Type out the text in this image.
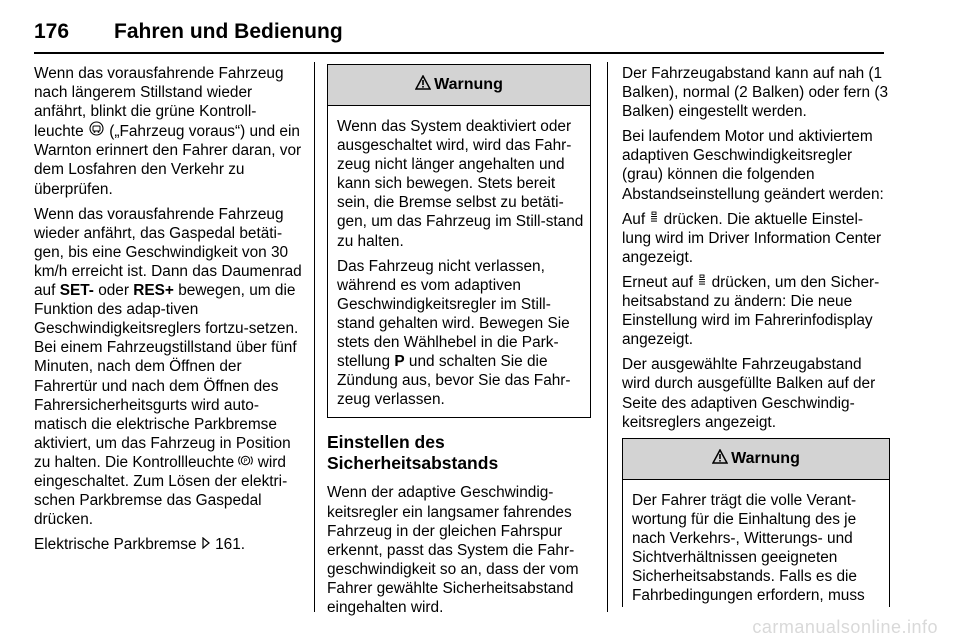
176 Fahren und Bedienung

Wenn das vorausfahrende Fahrzeug nach längerem Stillstand wieder anfährt, blinkt die grüne Kontroll-leuchte („Fahrzeug voraus“) und ein Warnton erinnert den Fahrer daran, vor dem Losfahren den Verkehr zu überprüfen.

Wenn das vorausfahrende Fahrzeug wieder anfährt, das Gaspedal betäti-gen, bis eine Geschwindigkeit von 30 km/h erreicht ist. Dann das Daumenrad auf SET- oder RES+ bewegen, um die Funktion des adap-tiven Geschwindigkeitsreglers fortzu-setzen. Bei einem Fahrzeugstillstand über fünf Minuten, nach dem Öffnen der Fahrertür und nach dem Öffnen des Fahrersicherheitsgurts wird auto-matisch die elektrische Parkbremse aktiviert, um das Fahrzeug in Position zu halten. Die Kontrollleuchte P wird eingeschaltet. Zum Lösen der elektri-schen Parkbremse das Gaspedal drücken.

Elektrische Parkbremse 161.

Warnung

Wenn das System deaktiviert oder ausgeschaltet wird, wird das Fahr-zeug nicht länger angehalten und kann sich bewegen. Stets bereit sein, die Bremse selbst zu betäti-gen, um das Fahrzeug im Still-stand zu halten.

Das Fahrzeug nicht verlassen, während es vom adaptiven Geschwindigkeitsregler im Still-stand gehalten wird. Bewegen Sie stets den Wählhebel in die Park-stellung P und schalten Sie die Zündung aus, bevor Sie das Fahr-zeug verlassen.

Einstellen des
Sicherheitsabstands

Wenn der adaptive Geschwindig-keitsregler ein langsamer fahrendes Fahrzeug in der gleichen Fahrspur erkennt, passt das System die Fahr-geschwindigkeit so an, dass der vom Fahrer gewählte Sicherheitsabstand eingehalten wird.

Der Fahrzeugabstand kann auf nah (1 Balken), normal (2 Balken) oder fern (3 Balken) eingestellt werden.

Bei laufendem Motor und aktiviertem adaptiven Geschwindigkeitsregler (grau) können die folgenden Abstandseinstellung geändert werden:

Auf drücken. Die aktuelle Einstel-lung wird im Driver Information Center angezeigt.

Erneut auf drücken, um den Sicher-heitsabstand zu ändern: Die neue Einstellung wird im Fahrerinfodisplay angezeigt.

Der ausgewählte Fahrzeugabstand wird durch ausgefüllte Balken auf der Seite des adaptiven Geschwindig-keitsreglers angezeigt.

Warnung

Der Fahrer trägt die volle Verant-wortung für die Einhaltung des je nach Verkehrs-, Witterungs- und Sichtverhältnissen geeigneten Sicherheitsabstands. Falls es die Fahrbedingungen erfordern, muss

carmanualsonline.info
